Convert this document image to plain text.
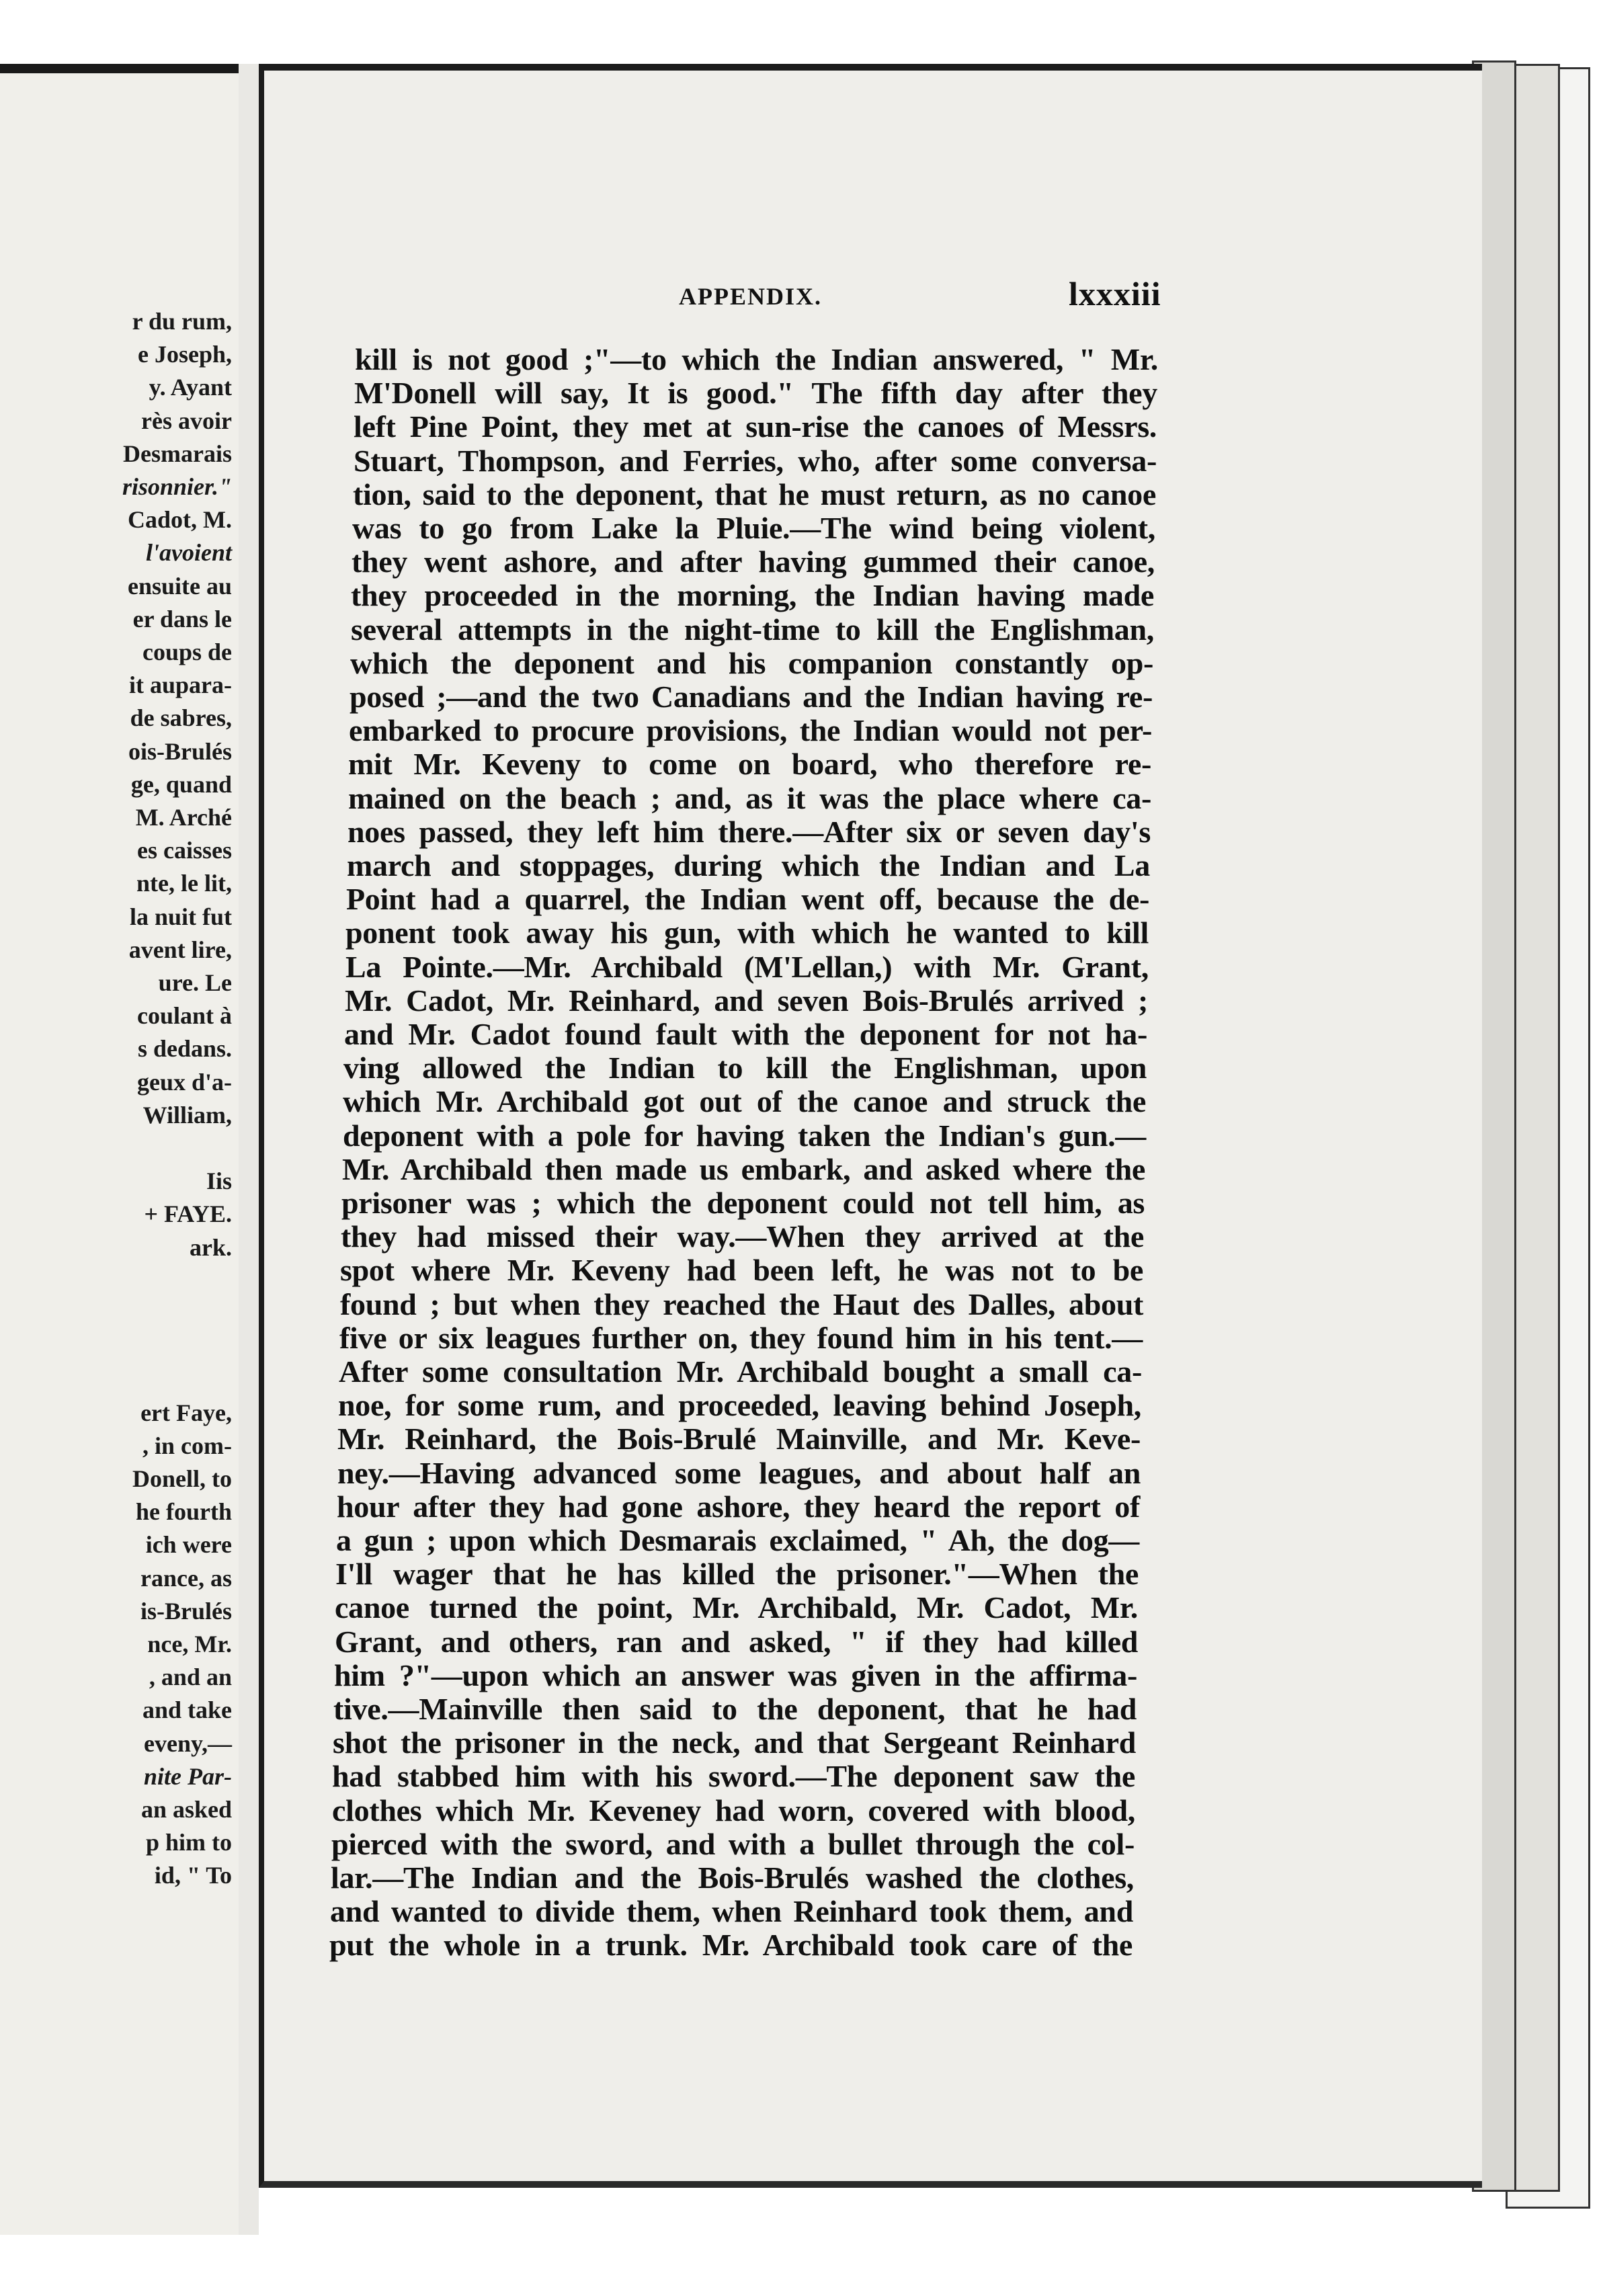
r du rum,
e Joseph,
y. Ayant
rès avoir
Desmarais
risonnier."
Cadot, M.
l'avoient
ensuite au
er dans le
coups de
it aupara-
de sabres,
ois-Brulés
ge, quand
M. Arché
es caisses
nte, le lit,
la nuit fut
avent lire,
ure. Le
coulant à
s dedans.
geux d'a-
William,
Iis
+ FAYE.
ark.
ert Faye,
, in com-
Donell, to
he fourth
ich were
rance, as
is-Brulés
nce, Mr.
, and an
and take
eveny,—
nite Par-
an asked
p him to
id, " To
APPENDIX.	lxxxiii
kill is not good ;"—to which the Indian answered, " Mr.
M'Donell will say, It is good." The fifth day after they
left Pine Point, they met at sun-rise the canoes of Messrs.
Stuart, Thompson, and Ferries, who, after some conversa-
tion, said to the deponent, that he must return, as no canoe
was to go from Lake la Pluie.—The wind being violent,
they went ashore, and after having gummed their canoe,
they proceeded in the morning, the Indian having made
several attempts in the night-time to kill the Englishman,
which the deponent and his companion constantly op-
posed ;—and the two Canadians and the Indian having re-
embarked to procure provisions, the Indian would not per-
mit Mr. Keveny to come on board, who therefore re-
mained on the beach ; and, as it was the place where ca-
noes passed, they left him there.—After six or seven day's
march and stoppages, during which the Indian and La
Point had a quarrel, the Indian went off, because the de-
ponent took away his gun, with which he wanted to kill
La Pointe.—Mr. Archibald (M'Lellan,) with Mr. Grant,
Mr. Cadot, Mr. Reinhard, and seven Bois-Brulés arrived ;
and Mr. Cadot found fault with the deponent for not ha-
ving allowed the Indian to kill the Englishman, upon
which Mr. Archibald got out of the canoe and struck the
deponent with a pole for having taken the Indian's gun.—
Mr. Archibald then made us embark, and asked where the
prisoner was ; which the deponent could not tell him, as
they had missed their way.—When they arrived at the
spot where Mr. Keveny had been left, he was not to be
found ; but when they reached the Haut des Dalles, about
five or six leagues further on, they found him in his tent.—
After some consultation Mr. Archibald bought a small ca-
noe, for some rum, and proceeded, leaving behind Joseph,
Mr. Reinhard, the Bois-Brulé Mainville, and Mr. Keve-
ney.—Having advanced some leagues, and about half an
hour after they had gone ashore, they heard the report of
a gun ; upon which Desmarais exclaimed, " Ah, the dog—
I'll wager that he has killed the prisoner."—When the
canoe turned the point, Mr. Archibald, Mr. Cadot, Mr.
Grant, and others, ran and asked, " if they had killed
him ?"—upon which an answer was given in the affirma-
tive.—Mainville then said to the deponent, that he had
shot the prisoner in the neck, and that Sergeant Reinhard
had stabbed him with his sword.—The deponent saw the
clothes which Mr. Keveney had worn, covered with blood,
pierced with the sword, and with a bullet through the col-
lar.—The Indian and the Bois-Brulés washed the clothes,
and wanted to divide them, when Reinhard took them, and
put the whole in a trunk. Mr. Archibald took care of the
